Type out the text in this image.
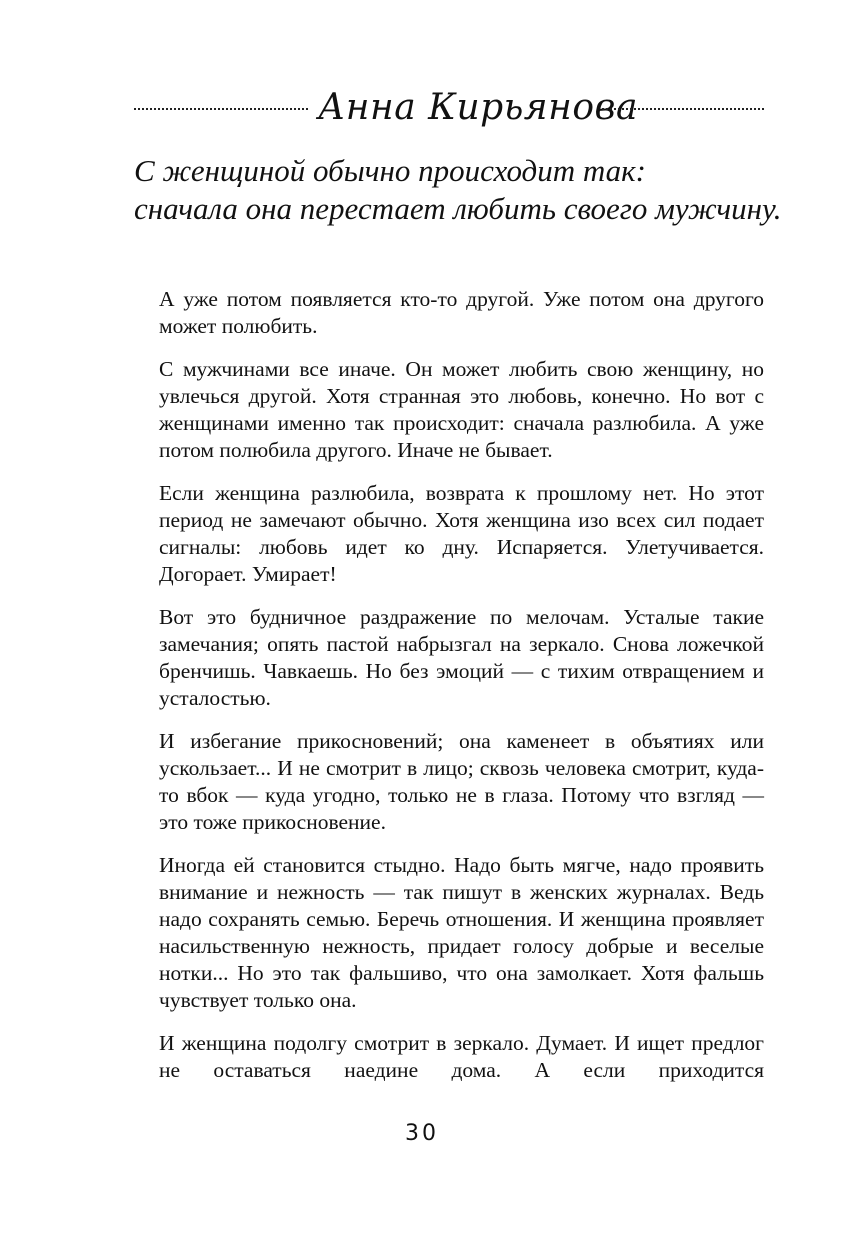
Анна Кирьянова
С женщиной обычно происходит так:
сначала она перестает любить своего мужчину.

А уже потом появляется кто-то другой. Уже потом она другого может полюбить.

С мужчинами все иначе. Он может любить свою женщину, но увлечься другой. Хотя странная это любовь, конечно. Но вот с женщинами именно так происходит: сначала разлюбила. А уже потом полюбила другого. Иначе не бывает.

Если женщина разлюбила, возврата к прошлому нет. Но этот период не замечают обычно. Хотя женщина изо всех сил подает сигналы: любовь идет ко дну. Испаряется. Улетучивается. Догорает. Умирает!

Вот это будничное раздражение по мелочам. Усталые такие замечания; опять пастой набрызгал на зеркало. Снова ложечкой бренчишь. Чавкаешь. Но без эмоций — с тихим отвращением и усталостью.

И избегание прикосновений; она каменеет в объятиях или ускользает... И не смотрит в лицо; сквозь человека смотрит, куда-то вбок — куда угодно, только не в глаза. Потому что взгляд — это тоже прикосновение.

Иногда ей становится стыдно. Надо быть мягче, надо проявить внимание и нежность — так пишут в женских журналах. Ведь надо сохранять семью. Беречь отношения. И женщина проявляет насильственную нежность, придает голосу добрые и веселые нотки... Но это так фальшиво, что она замолкает. Хотя фальшь чувствует только она.

И женщина подолгу смотрит в зеркало. Думает. И ищет предлог не оставаться наедине дома. А если приходится

30
